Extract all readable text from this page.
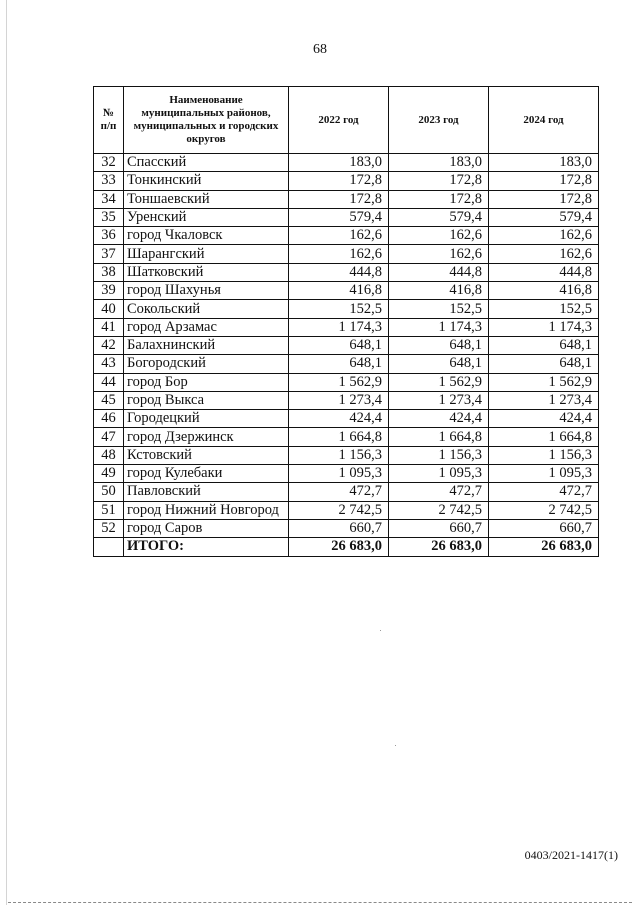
68
№ п/п	Наименование муниципальных районов, муниципальных и городских округов	2022 год	2023 год	2024 год
32	Спасский	183,0	183,0	183,0
33	Тонкинский	172,8	172,8	172,8
34	Тоншаевский	172,8	172,8	172,8
35	Уренский	579,4	579,4	579,4
36	город Чкаловск	162,6	162,6	162,6
37	Шарангский	162,6	162,6	162,6
38	Шатковский	444,8	444,8	444,8
39	город Шахунья	416,8	416,8	416,8
40	Сокольский	152,5	152,5	152,5
41	город Арзамас	1 174,3	1 174,3	1 174,3
42	Балахнинский	648,1	648,1	648,1
43	Богородский	648,1	648,1	648,1
44	город Бор	1 562,9	1 562,9	1 562,9
45	город Выкса	1 273,4	1 273,4	1 273,4
46	Городецкий	424,4	424,4	424,4
47	город Дзержинск	1 664,8	1 664,8	1 664,8
48	Кстовский	1 156,3	1 156,3	1 156,3
49	город Кулебаки	1 095,3	1 095,3	1 095,3
50	Павловский	472,7	472,7	472,7
51	город Нижний Новгород	2 742,5	2 742,5	2 742,5
52	город Саров	660,7	660,7	660,7
	ИТОГО:	26 683,0	26 683,0	26 683,0
0403/2021-1417(1)
